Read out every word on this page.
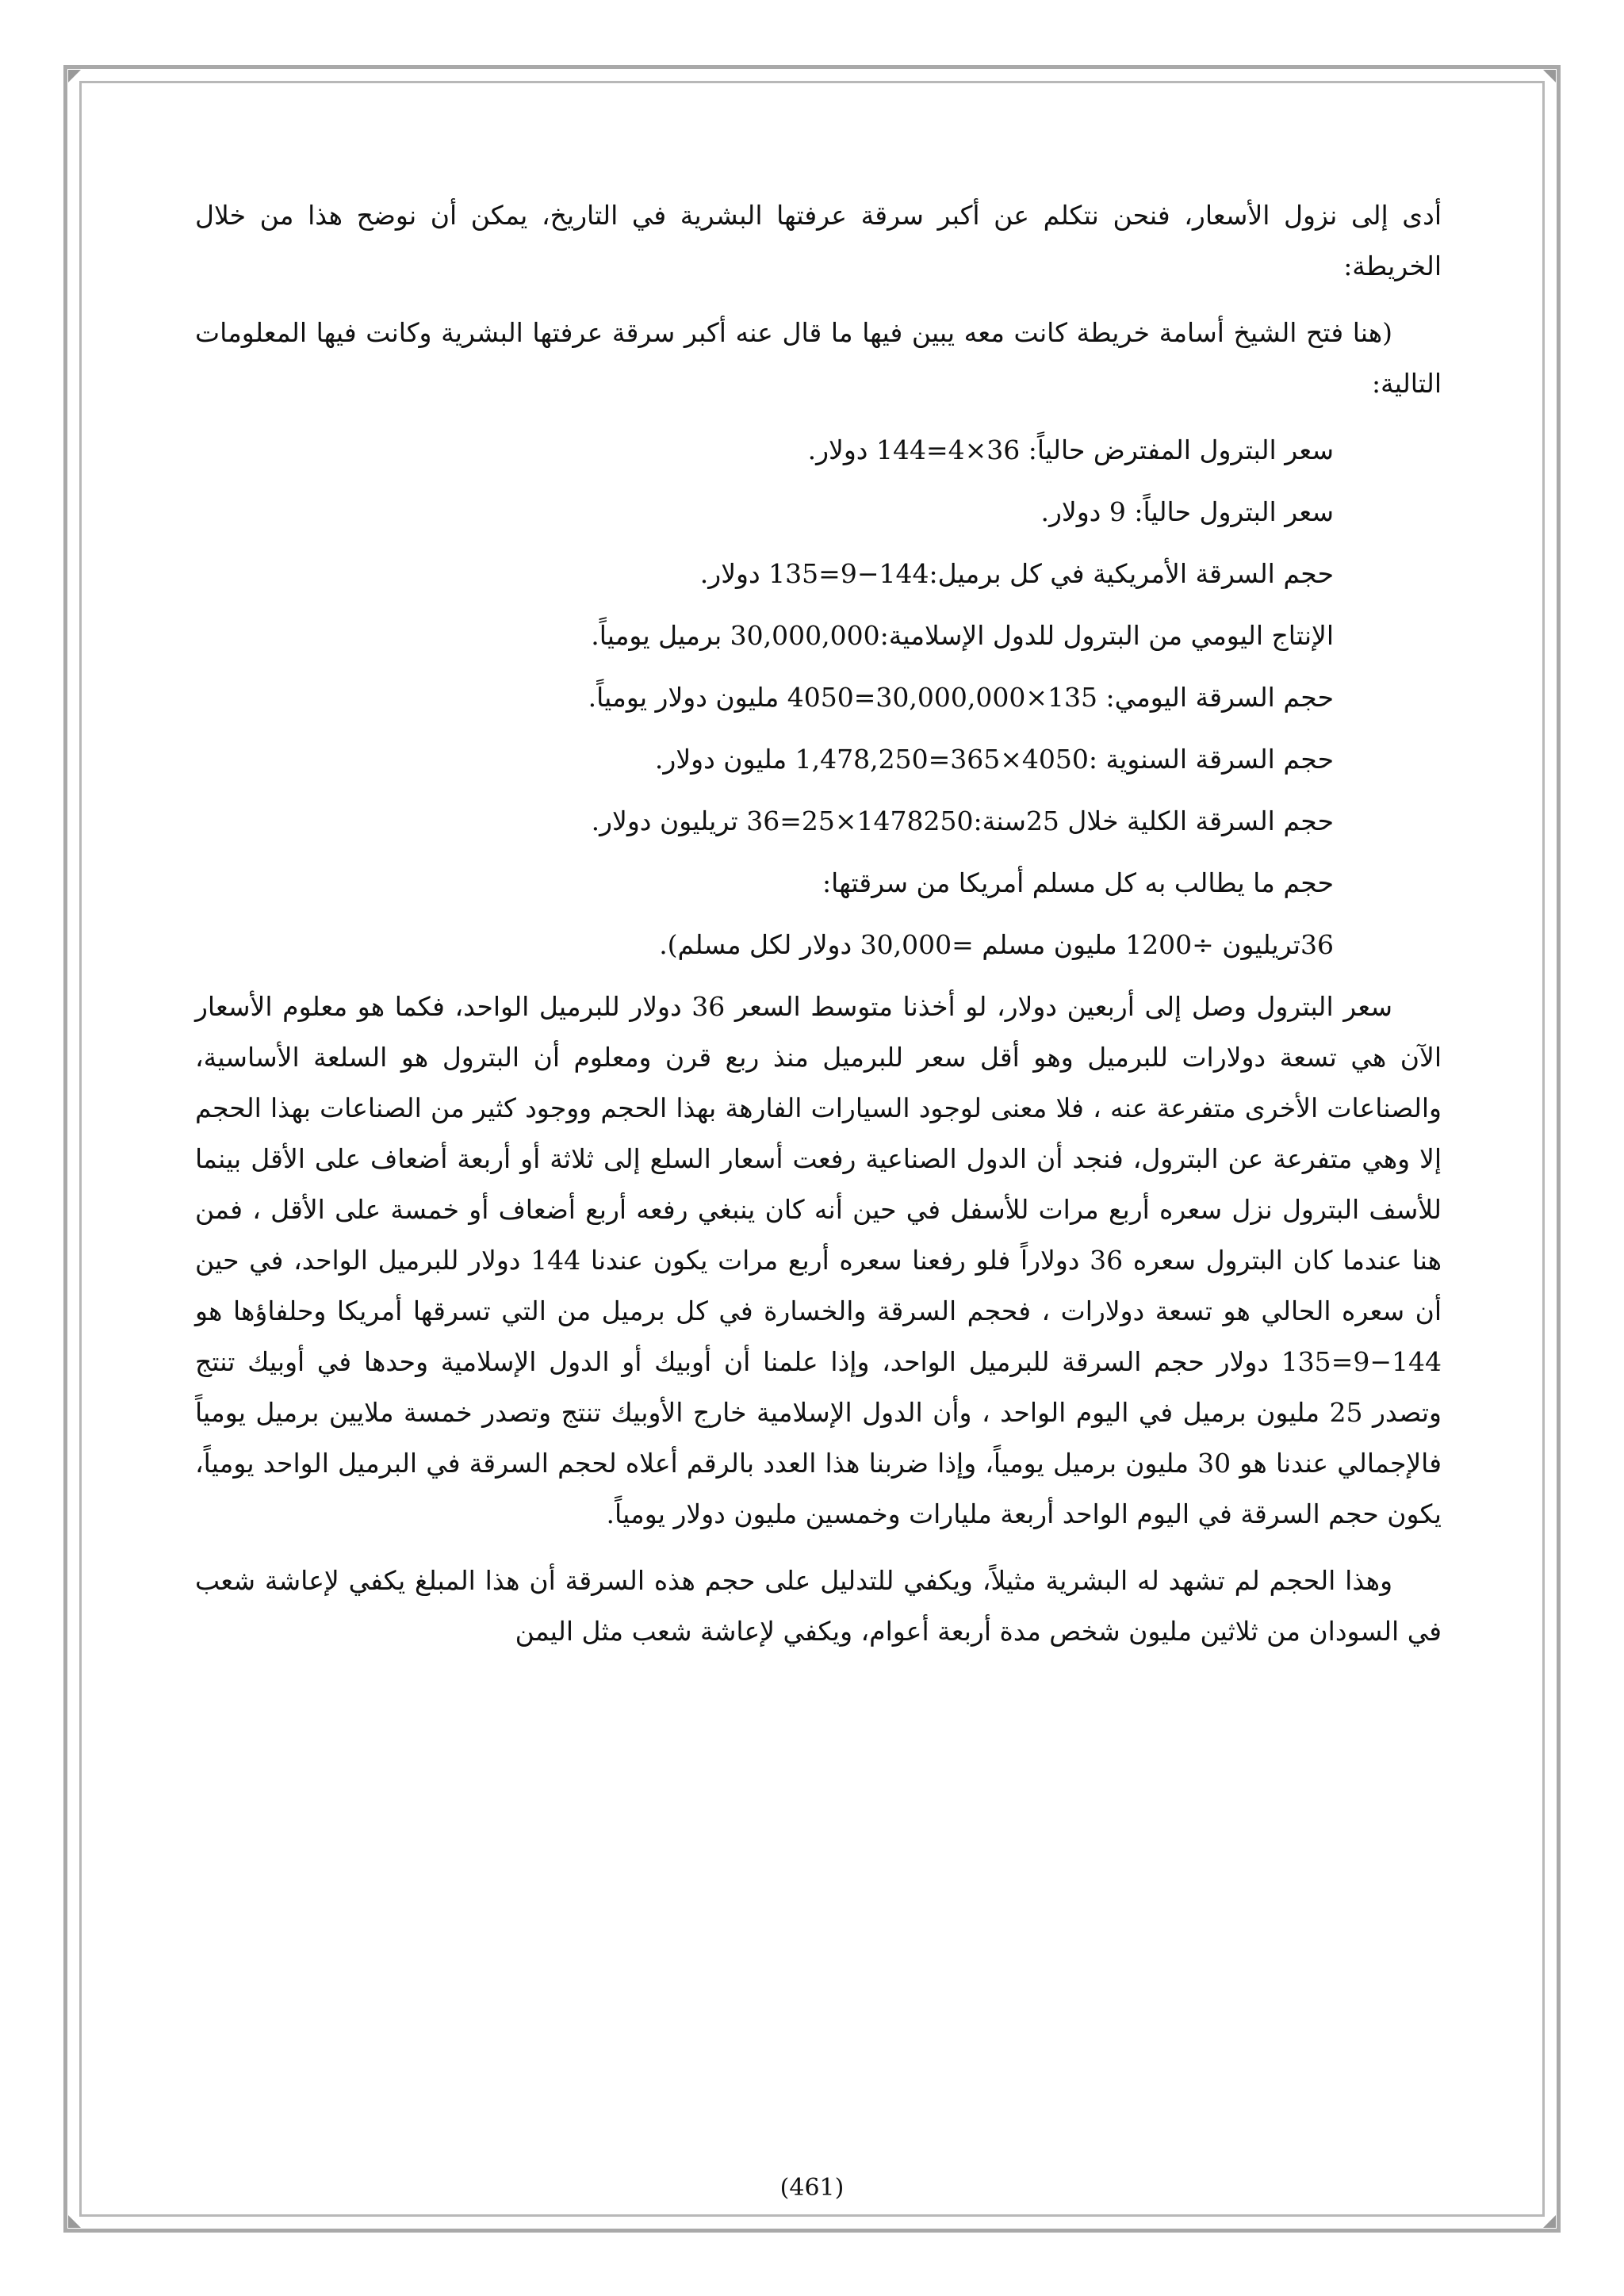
أدى إلى نزول الأسعار، فنحن نتكلم عن أكبر سرقة عرفتها البشرية في التاريخ، يمكن أن نوضح هذا من خلال الخريطة:

(هنا فتح الشيخ أسامة خريطة كانت معه يبين فيها ما قال عنه أكبر سرقة عرفتها البشرية وكانت فيها المعلومات التالية:

سعر البترول المفترض حالياً: 36×4=144 دولار.
سعر البترول حالياً: 9 دولار.
حجم السرقة الأمريكية في كل برميل:144−9=135 دولار.
الإنتاج اليومي من البترول للدول الإسلامية:30,000,000 برميل يومياً.
حجم السرقة اليومي: 135×30,000,000=4050 مليون دولار يومياً.
حجم السرقة السنوية :4050×365=1,478,250 مليون دولار.
حجم السرقة الكلية خلال 25سنة:1478250×25=36 تريليون دولار.
حجم ما يطالب به كل مسلم أمريكا من سرقتها:
36تريليون ÷1200 مليون مسلم =30,000 دولار لكل مسلم).

سعر البترول وصل إلى أربعين دولار، لو أخذنا متوسط السعر 36 دولار للبرميل الواحد، فكما هو معلوم الأسعار الآن هي تسعة دولارات للبرميل وهو أقل سعر للبرميل منذ ربع قرن ومعلوم أن البترول هو السلعة الأساسية، والصناعات الأخرى متفرعة عنه ، فلا معنى لوجود السيارات الفارهة بهذا الحجم ووجود كثير من الصناعات بهذا الحجم إلا وهي متفرعة عن البترول، فنجد أن الدول الصناعية رفعت أسعار السلع إلى ثلاثة أو أربعة أضعاف على الأقل بينما للأسف البترول نزل سعره أربع مرات للأسفل في حين أنه كان ينبغي رفعه أربع أضعاف أو خمسة على الأقل ، فمن هنا عندما كان البترول سعره 36 دولاراً فلو رفعنا سعره أربع مرات يكون عندنا 144 دولار للبرميل الواحد، في حين أن سعره الحالي هو تسعة دولارات ، فحجم السرقة والخسارة في كل برميل من التي تسرقها أمريكا وحلفاؤها هو 144−9=135 دولار حجم السرقة للبرميل الواحد، وإذا علمنا أن أوبيك أو الدول الإسلامية وحدها في أوبيك تنتج وتصدر 25 مليون برميل في اليوم الواحد ، وأن الدول الإسلامية خارج الأوبيك تنتج وتصدر خمسة ملايين برميل يومياً فالإجمالي عندنا هو 30 مليون برميل يومياً، وإذا ضربنا هذا العدد بالرقم أعلاه لحجم السرقة في البرميل الواحد يومياً، يكون حجم السرقة في اليوم الواحد أربعة مليارات وخمسين مليون دولار يومياً.

وهذا الحجم لم تشهد له البشرية مثيلاً، ويكفي للتدليل على حجم هذه السرقة أن هذا المبلغ يكفي لإعاشة شعب في السودان من ثلاثين مليون شخص مدة أربعة أعوام، ويكفي لإعاشة شعب مثل اليمن

(461)
